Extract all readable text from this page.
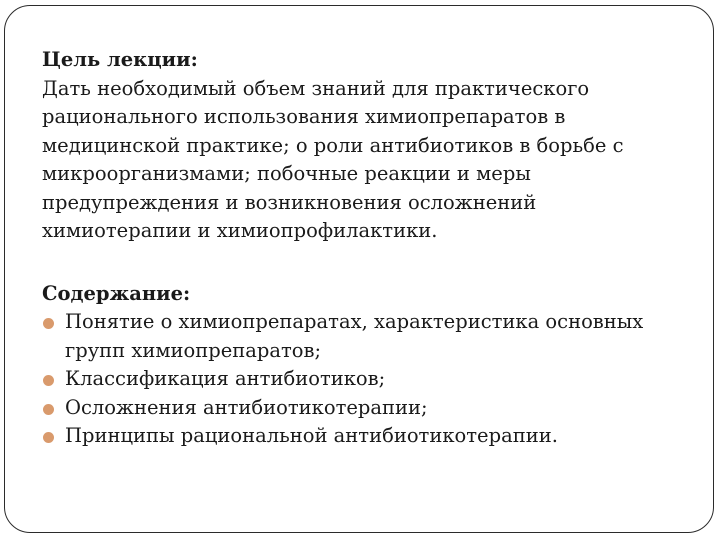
Цель лекции:

Дать необходимый объем знаний для практического рационального использования химиопрепаратов в медицинской практике; о роли антибиотиков в борьбе с микроорганизмами; побочные реакции и меры предупреждения и возникновения осложнений химиотерапии и химиопрофилактики.

Содержание:

Понятие о химиопрепаратах, характеристика основных групп химиопрепаратов;
Классификация антибиотиков;
Осложнения антибиотикотерапии;
Принципы рациональной антибиотикотерапии.
